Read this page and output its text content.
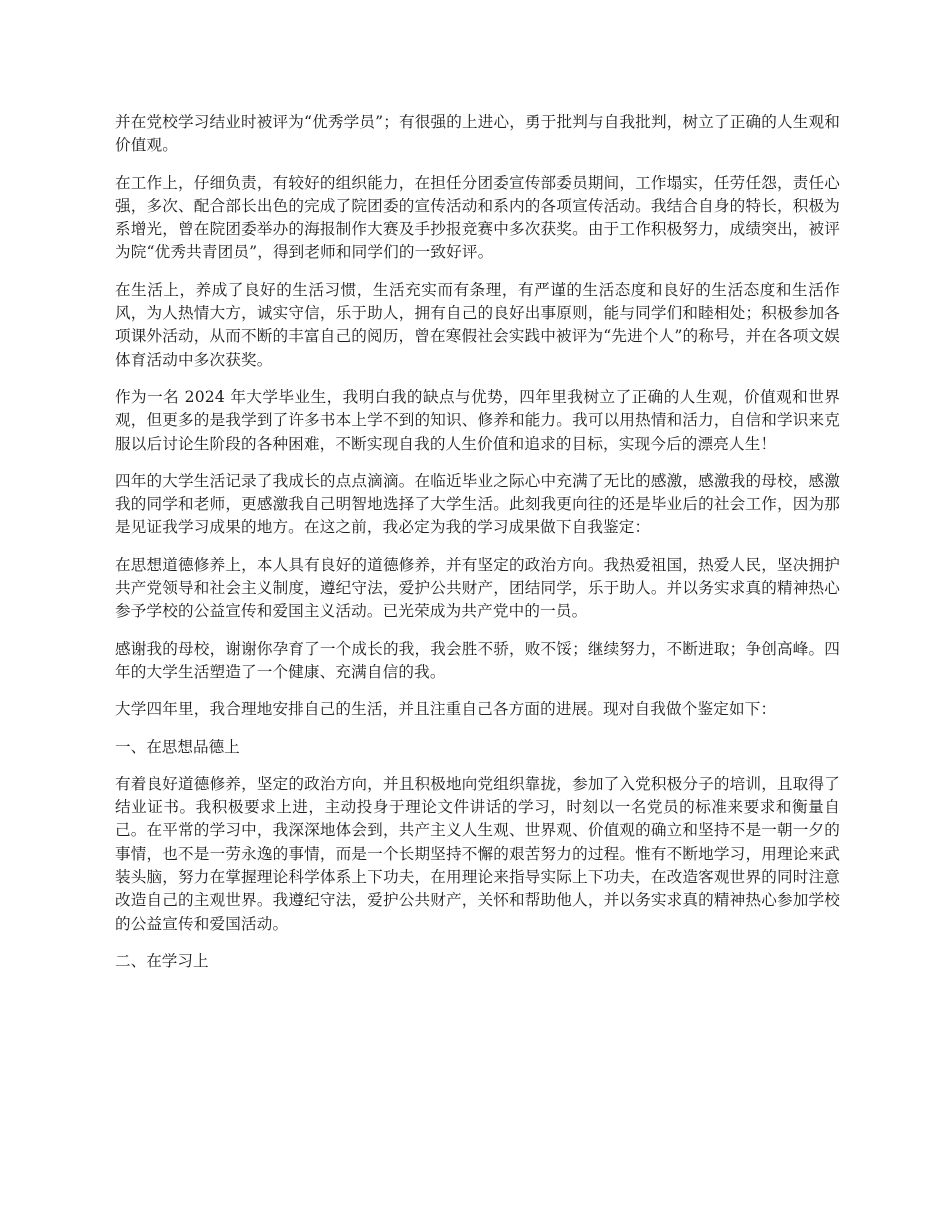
并在党校学习结业时被评为“优秀学员”；有很强的上进心，勇于批判与自我批判，树立了正确的人生观和价值观。

在工作上，仔细负责，有较好的组织能力，在担任分团委宣传部委员期间，工作塌实，任劳任怨，责任心强，多次、配合部长出色的完成了院团委的宣传活动和系内的各项宣传活动。我结合自身的特长，积极为系增光，曾在院团委举办的海报制作大赛及手抄报竞赛中多次获奖。由于工作积极努力，成绩突出，被评为院“优秀共青团员”，得到老师和同学们的一致好评。

在生活上，养成了良好的生活习惯，生活充实而有条理，有严谨的生活态度和良好的生活态度和生活作风，为人热情大方，诚实守信，乐于助人，拥有自己的良好出事原则，能与同学们和睦相处；积极参加各项课外活动，从而不断的丰富自己的阅历，曾在寒假社会实践中被评为“先进个人”的称号，并在各项文娱体育活动中多次获奖。

作为一名 2024 年大学毕业生，我明白我的缺点与优势，四年里我树立了正确的人生观，价值观和世界观，但更多的是我学到了许多书本上学不到的知识、修养和能力。我可以用热情和活力，自信和学识来克服以后讨论生阶段的各种困难，不断实现自我的人生价值和追求的目标，实现今后的漂亮人生！

四年的大学生活记录了我成长的点点滴滴。在临近毕业之际心中充满了无比的感激，感激我的母校，感激我的同学和老师，更感激我自己明智地选择了大学生活。此刻我更向往的还是毕业后的社会工作，因为那是见证我学习成果的地方。在这之前，我必定为我的学习成果做下自我鉴定：

在思想道德修养上，本人具有良好的道德修养，并有坚定的政治方向。我热爱祖国，热爱人民，坚决拥护共产党领导和社会主义制度，遵纪守法，爱护公共财产，团结同学，乐于助人。并以务实求真的精神热心参予学校的公益宣传和爱国主义活动。已光荣成为共产党中的一员。

感谢我的母校，谢谢你孕育了一个成长的我，我会胜不骄，败不馁；继续努力，不断进取；争创高峰。四年的大学生活塑造了一个健康、充满自信的我。

大学四年里，我合理地安排自己的生活，并且注重自己各方面的进展。现对自我做个鉴定如下：

一、在思想品德上

有着良好道德修养，坚定的政治方向，并且积极地向党组织靠拢，参加了入党积极分子的培训，且取得了结业证书。我积极要求上进，主动投身于理论文件讲话的学习，时刻以一名党员的标准来要求和衡量自己。在平常的学习中，我深深地体会到，共产主义人生观、世界观、价值观的确立和坚持不是一朝一夕的事情，也不是一劳永逸的事情，而是一个长期坚持不懈的艰苦努力的过程。惟有不断地学习，用理论来武装头脑，努力在掌握理论科学体系上下功夫，在用理论来指导实际上下功夫，在改造客观世界的同时注意改造自己的主观世界。我遵纪守法，爱护公共财产，关怀和帮助他人，并以务实求真的精神热心参加学校的公益宣传和爱国活动。

二、在学习上
